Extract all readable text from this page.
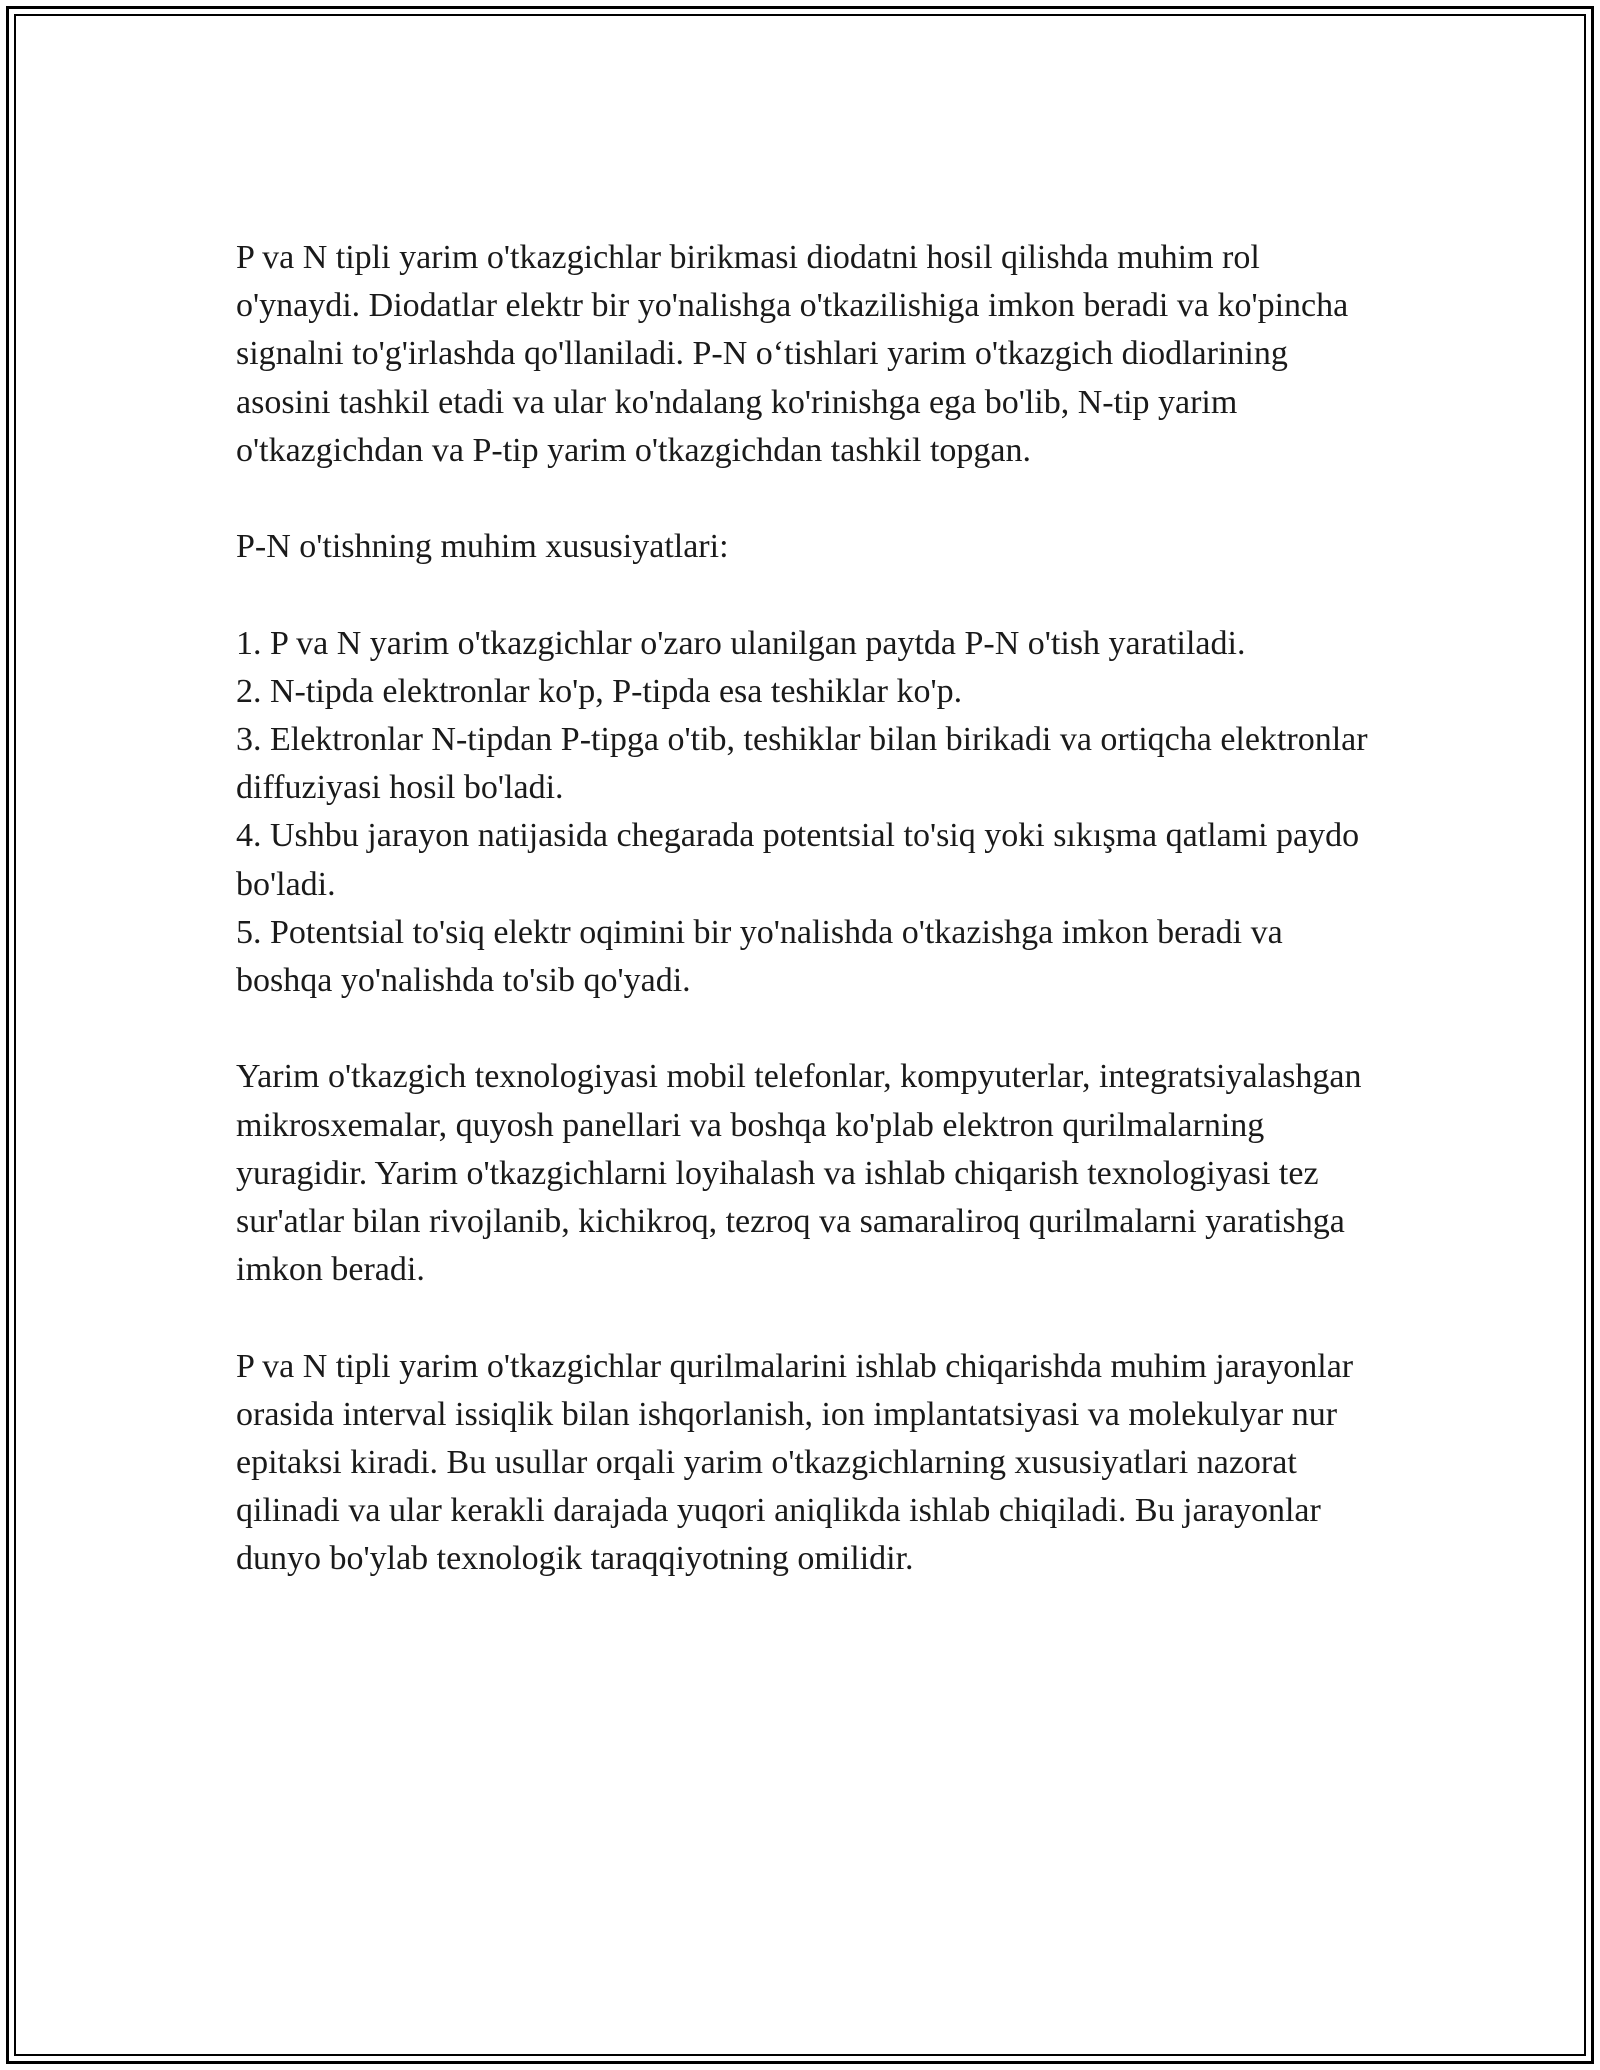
P va N tipli yarim o'tkazgichlar birikmasi diodatni hosil qilishda muhim rol o'ynaydi. Diodatlar elektr bir yo'nalishga o'tkazilishiga imkon beradi va ko'pincha signalni to'g'irlashda qo'llaniladi. P-N o‘tishlari yarim o'tkazgich diodlarining asosini tashkil etadi va ular ko'ndalang ko'rinishga ega bo'lib, N-tip yarim o'tkazgichdan va P-tip yarim o'tkazgichdan tashkil topgan.

P-N o'tishning muhim xususiyatlari:

1. P va N yarim o'tkazgichlar o'zaro ulanilgan paytda P-N o'tish yaratiladi.
2. N-tipda elektronlar ko'p, P-tipda esa teshiklar ko'p.
3. Elektronlar N-tipdan P-tipga o'tib, teshiklar bilan birikadi va ortiqcha elektronlar diffuziyasi hosil bo'ladi.
4. Ushbu jarayon natijasida chegarada potentsial to'siq yoki sıkışma qatlami paydo bo'ladi.
5. Potentsial to'siq elektr oqimini bir yo'nalishda o'tkazishga imkon beradi va boshqa yo'nalishda to'sib qo'yadi.

Yarim o'tkazgich texnologiyasi mobil telefonlar, kompyuterlar, integratsiyalashgan mikrosxemalar, quyosh panellari va boshqa ko'plab elektron qurilmalarning yuragidir. Yarim o'tkazgichlarni loyihalash va ishlab chiqarish texnologiyasi tez sur'atlar bilan rivojlanib, kichikroq, tezroq va samaraliroq qurilmalarni yaratishga imkon beradi.

P va N tipli yarim o'tkazgichlar qurilmalarini ishlab chiqarishda muhim jarayonlar orasida interval issiqlik bilan ishqorlanish, ion implantatsiyasi va molekulyar nur epitaksi kiradi. Bu usullar orqali yarim o'tkazgichlarning xususiyatlari nazorat qilinadi va ular kerakli darajada yuqori aniqlikda ishlab chiqiladi. Bu jarayonlar dunyo bo'ylab texnologik taraqqiyotning omilidir.
